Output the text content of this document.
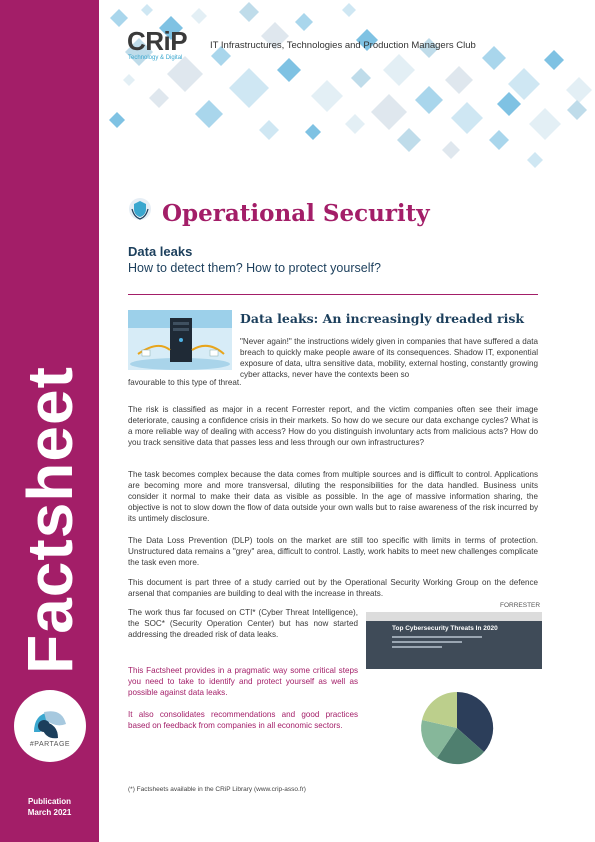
Factsheet
#PARTAGE
Publication
March 2021
CRiP
Technology & Digital
IT Infrastructures, Technologies and Production Managers Club
Operational Security
Data leaks
How to detect them? How to protect yourself?
Data leaks: An increasingly dreaded risk

"Never again!" the instructions widely given in companies that have suffered a data breach to quickly make people aware of its consequences. Shadow IT, exponential exposure of data, ultra sensitive data, mobility, external hosting, constantly growing cyber attacks, never have the contexts been so

favourable to this type of threat.

The risk is classified as major in a recent Forrester report, and the victim companies often see their image deteriorate, causing a confidence crisis in their markets. So how do we secure our data exchange cycles? What is a more reliable way of dealing with access? How do you distinguish involuntary acts from malicious acts? How do you track sensitive data that passes less and less through our own infrastructures?

The task becomes complex because the data comes from multiple sources and is difficult to control. Applications are becoming more and more transversal, diluting the responsibilities for the data handled. Business units consider it normal to make their data as visible as possible. In the age of massive information sharing, the objective is not to slow down the flow of data outside your own walls but to raise awareness of the risk incurred by its untimely disclosure.

The Data Loss Prevention (DLP) tools on the market are still too specific with limits in terms of protection. Unstructured data remains a "grey" area, difficult to control. Lastly, work habits to meet new challenges complicate the task even more.

This document is part three of a study carried out by the Operational Security Working Group on the defence arsenal that companies are building to deal with the increase in threats.

The work thus far focused on CTI* (Cyber Threat Intelligence), the SOC* (Security Operation Center) but has now started addressing the dreaded risk of data leaks.

This Factsheet provides in a pragmatic way some critical steps you need to take to identify and protect yourself as well as possible against data leaks.

It also consolidates recommendations and good practices based on feedback from companies in all economic sectors.

FORRESTER
Top Cybersecurity Threats In 2020
(*) Factsheets available in the CRiP Library (www.crip-asso.fr)
